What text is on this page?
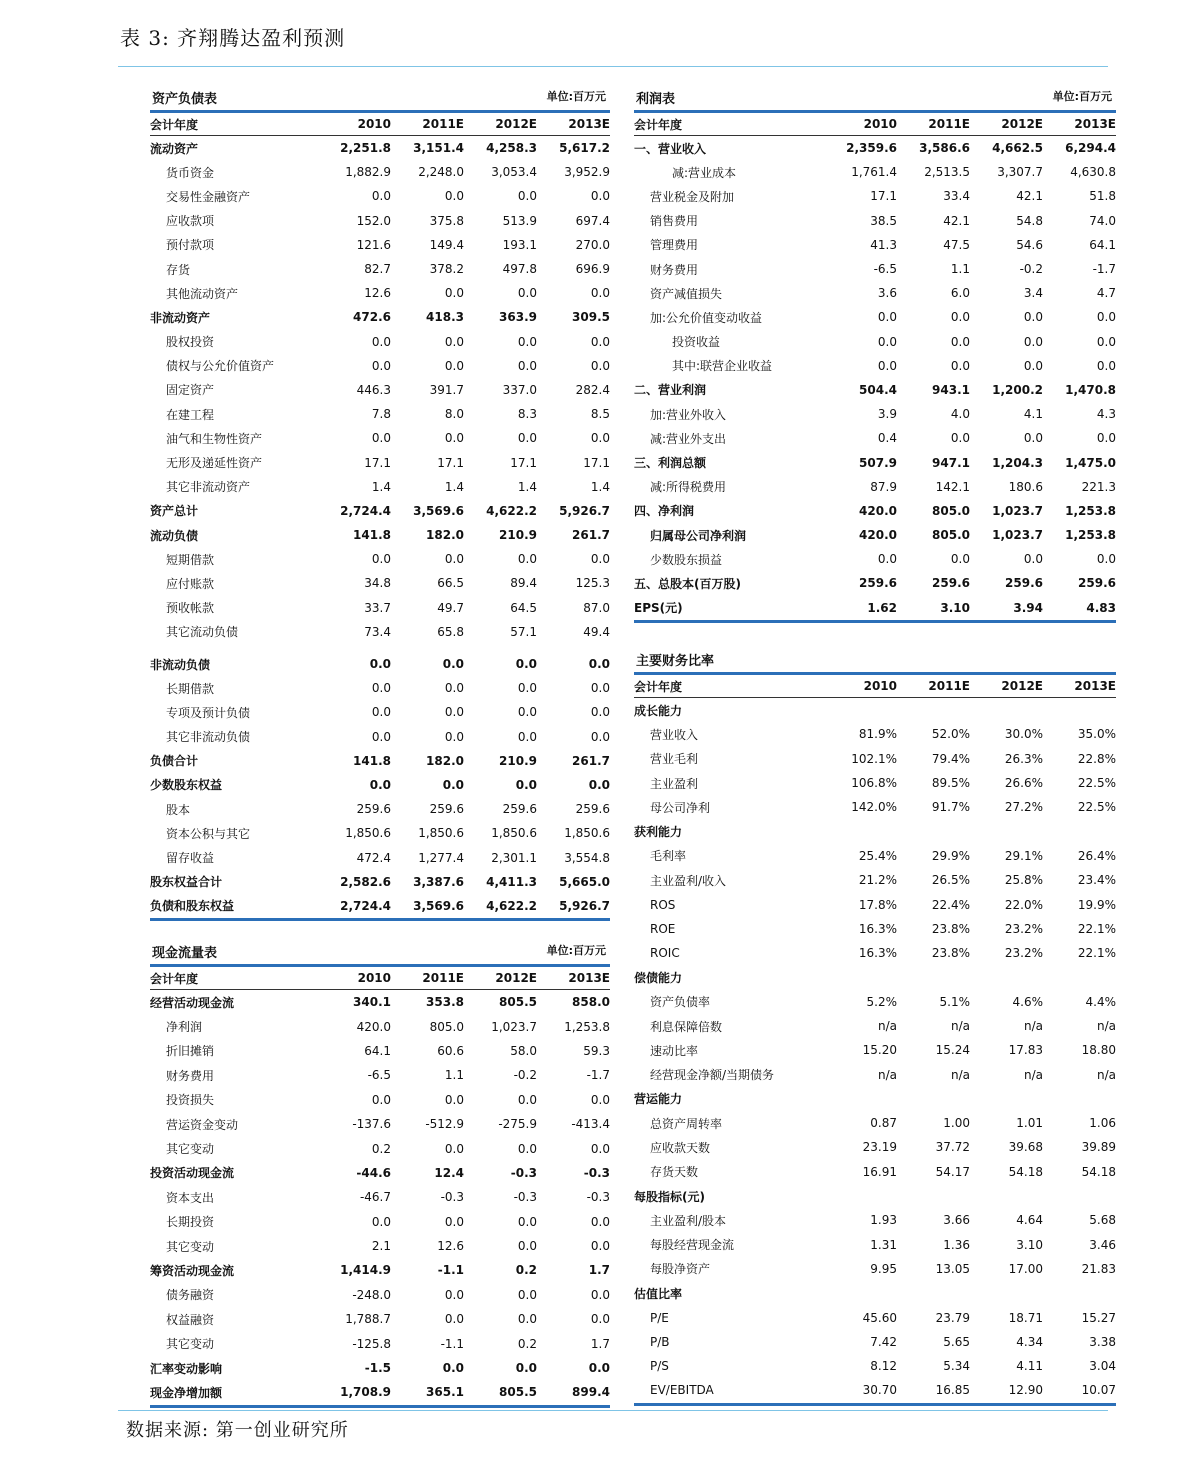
表 3: 齐翔腾达盈利预测
资产负债表	单位:百万元
会计年度	2010	2011E	2012E	2013E
流动资产	2,251.8	3,151.4	4,258.3	5,617.2
货币资金	1,882.9	2,248.0	3,053.4	3,952.9
交易性金融资产	0.0	0.0	0.0	0.0
应收款项	152.0	375.8	513.9	697.4
预付款项	121.6	149.4	193.1	270.0
存货	82.7	378.2	497.8	696.9
其他流动资产	12.6	0.0	0.0	0.0
非流动资产	472.6	418.3	363.9	309.5
股权投资	0.0	0.0	0.0	0.0
债权与公允价值资产	0.0	0.0	0.0	0.0
固定资产	446.3	391.7	337.0	282.4
在建工程	7.8	8.0	8.3	8.5
油气和生物性资产	0.0	0.0	0.0	0.0
无形及递延性资产	17.1	17.1	17.1	17.1
其它非流动资产	1.4	1.4	1.4	1.4
资产总计	2,724.4	3,569.6	4,622.2	5,926.7
流动负债	141.8	182.0	210.9	261.7
短期借款	0.0	0.0	0.0	0.0
应付账款	34.8	66.5	89.4	125.3
预收帐款	33.7	49.7	64.5	87.0
其它流动负债	73.4	65.8	57.1	49.4
非流动负债	0.0	0.0	0.0	0.0
长期借款	0.0	0.0	0.0	0.0
专项及预计负债	0.0	0.0	0.0	0.0
其它非流动负债	0.0	0.0	0.0	0.0
负债合计	141.8	182.0	210.9	261.7
少数股东权益	0.0	0.0	0.0	0.0
股本	259.6	259.6	259.6	259.6
资本公积与其它	1,850.6	1,850.6	1,850.6	1,850.6
留存收益	472.4	1,277.4	2,301.1	3,554.8
股东权益合计	2,582.6	3,387.6	4,411.3	5,665.0
负债和股东权益	2,724.4	3,569.6	4,622.2	5,926.7
利润表	单位:百万元
会计年度	2010	2011E	2012E	2013E
一、营业收入	2,359.6	3,586.6	4,662.5	6,294.4
减:营业成本	1,761.4	2,513.5	3,307.7	4,630.8
营业税金及附加	17.1	33.4	42.1	51.8
销售费用	38.5	42.1	54.8	74.0
管理费用	41.3	47.5	54.6	64.1
财务费用	-6.5	1.1	-0.2	-1.7
资产减值损失	3.6	6.0	3.4	4.7
加:公允价值变动收益	0.0	0.0	0.0	0.0
投资收益	0.0	0.0	0.0	0.0
其中:联营企业收益	0.0	0.0	0.0	0.0
二、营业利润	504.4	943.1	1,200.2	1,470.8
加:营业外收入	3.9	4.0	4.1	4.3
减:营业外支出	0.4	0.0	0.0	0.0
三、利润总额	507.9	947.1	1,204.3	1,475.0
减:所得税费用	87.9	142.1	180.6	221.3
四、净利润	420.0	805.0	1,023.7	1,253.8
归属母公司净利润	420.0	805.0	1,023.7	1,253.8
少数股东损益	0.0	0.0	0.0	0.0
五、总股本(百万股)	259.6	259.6	259.6	259.6
EPS(元)	1.62	3.10	3.94	4.83
主要财务比率
会计年度	2010	2011E	2012E	2013E
成长能力
营业收入	81.9%	52.0%	30.0%	35.0%
营业毛利	102.1%	79.4%	26.3%	22.8%
主业盈利	106.8%	89.5%	26.6%	22.5%
母公司净利	142.0%	91.7%	27.2%	22.5%
获利能力
毛利率	25.4%	29.9%	29.1%	26.4%
主业盈利/收入	21.2%	26.5%	25.8%	23.4%
ROS	17.8%	22.4%	22.0%	19.9%
ROE	16.3%	23.8%	23.2%	22.1%
ROIC	16.3%	23.8%	23.2%	22.1%
偿债能力
资产负债率	5.2%	5.1%	4.6%	4.4%
利息保障倍数	n/a	n/a	n/a	n/a
速动比率	15.20	15.24	17.83	18.80
经营现金净额/当期债务	n/a	n/a	n/a	n/a
营运能力
总资产周转率	0.87	1.00	1.01	1.06
应收款天数	23.19	37.72	39.68	39.89
存货天数	16.91	54.17	54.18	54.18
每股指标(元)
主业盈利/股本	1.93	3.66	4.64	5.68
每股经营现金流	1.31	1.36	3.10	3.46
每股净资产	9.95	13.05	17.00	21.83
估值比率
P/E	45.60	23.79	18.71	15.27
P/B	7.42	5.65	4.34	3.38
P/S	8.12	5.34	4.11	3.04
EV/EBITDA	30.70	16.85	12.90	10.07
现金流量表	单位:百万元
会计年度	2010	2011E	2012E	2013E
经营活动现金流	340.1	353.8	805.5	858.0
净利润	420.0	805.0	1,023.7	1,253.8
折旧摊销	64.1	60.6	58.0	59.3
财务费用	-6.5	1.1	-0.2	-1.7
投资损失	0.0	0.0	0.0	0.0
营运资金变动	-137.6	-512.9	-275.9	-413.4
其它变动	0.2	0.0	0.0	0.0
投资活动现金流	-44.6	12.4	-0.3	-0.3
资本支出	-46.7	-0.3	-0.3	-0.3
长期投资	0.0	0.0	0.0	0.0
其它变动	2.1	12.6	0.0	0.0
筹资活动现金流	1,414.9	-1.1	0.2	1.7
债务融资	-248.0	0.0	0.0	0.0
权益融资	1,788.7	0.0	0.0	0.0
其它变动	-125.8	-1.1	0.2	1.7
汇率变动影响	-1.5	0.0	0.0	0.0
现金净增加额	1,708.9	365.1	805.5	899.4
数据来源: 第一创业研究所
